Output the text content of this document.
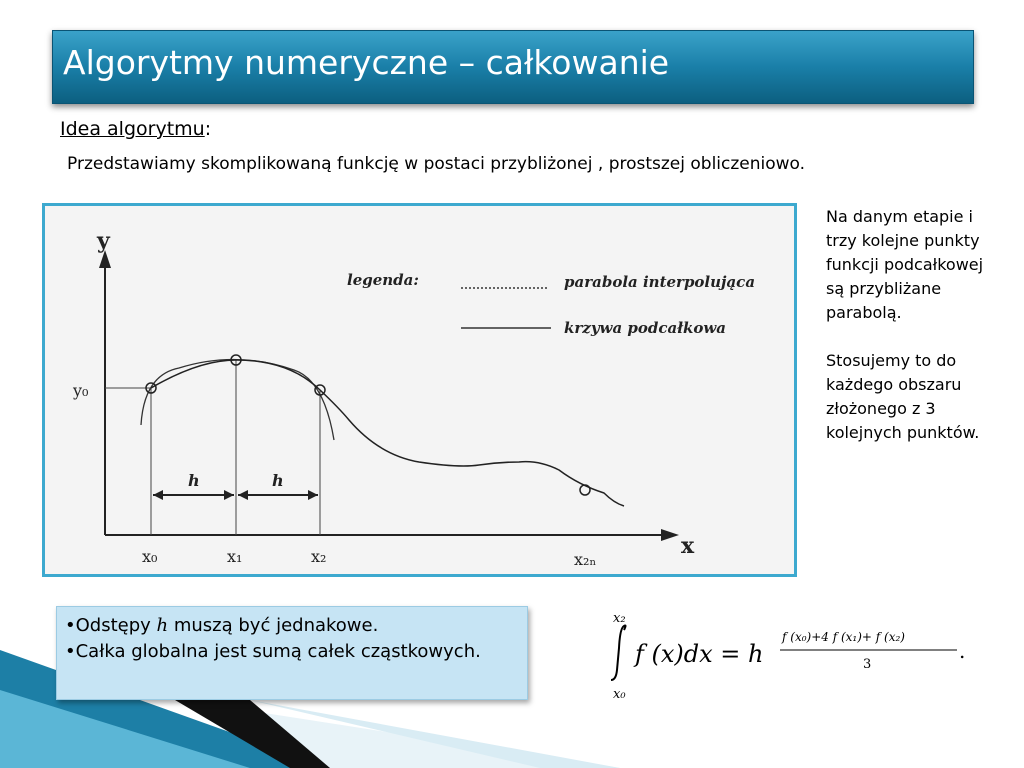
Algorytmy numeryczne – całkowanie
Idea algorytmu:
Przedstawiamy skomplikowaną funkcję w postaci przybliżonej , prostszej obliczeniowo.
y
x
y₀
h	h
x₀	x₁	x₂	x₂ₙ
legenda:	parabola interpolująca
krzywa podcałkowa

Na danym etapie i trzy kolejne punkty funkcji podcałkowej są przybliżane parabolą.

Stosujemy to do każdego obszaru złożonego z 3 kolejnych punktów.

•Odstępy h muszą być jednakowe.
•Całka globalna jest sumą całek cząstkowych.
x₂
x₀
f (x)dx = h
f (x₀)+4 f (x₁)+ f (x₂)
3
.
